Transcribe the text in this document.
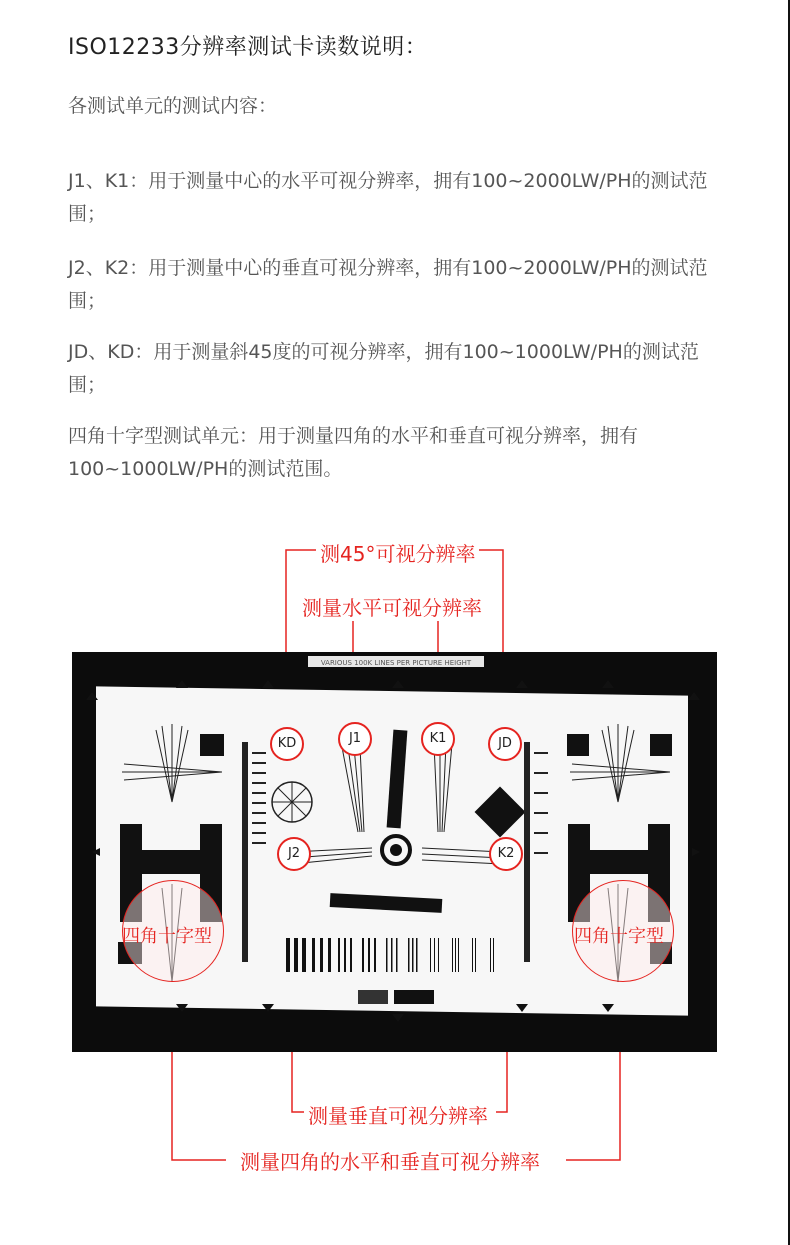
ISO12233分辨率测试卡读数说明：
各测试单元的测试内容：
J1、K1：用于测量中心的水平可视分辨率，拥有100~2000LW/PH的测试范围；
J2、K2：用于测量中心的垂直可视分辨率，拥有100~2000LW/PH的测试范围；
JD、KD：用于测量斜45度的可视分辨率，拥有100~1000LW/PH的测试范围；
四角十字型测试单元：用于测量四角的水平和垂直可视分辨率，拥有100~1000LW/PH的测试范围。
VARIOUS 100K LINES PER PICTURE HEIGHT
KD	J1	K1	JD
J2	K2
四角十字型	四角十字型
测45°可视分辨率
测量水平可视分辨率
测量垂直可视分辨率
测量四角的水平和垂直可视分辨率
